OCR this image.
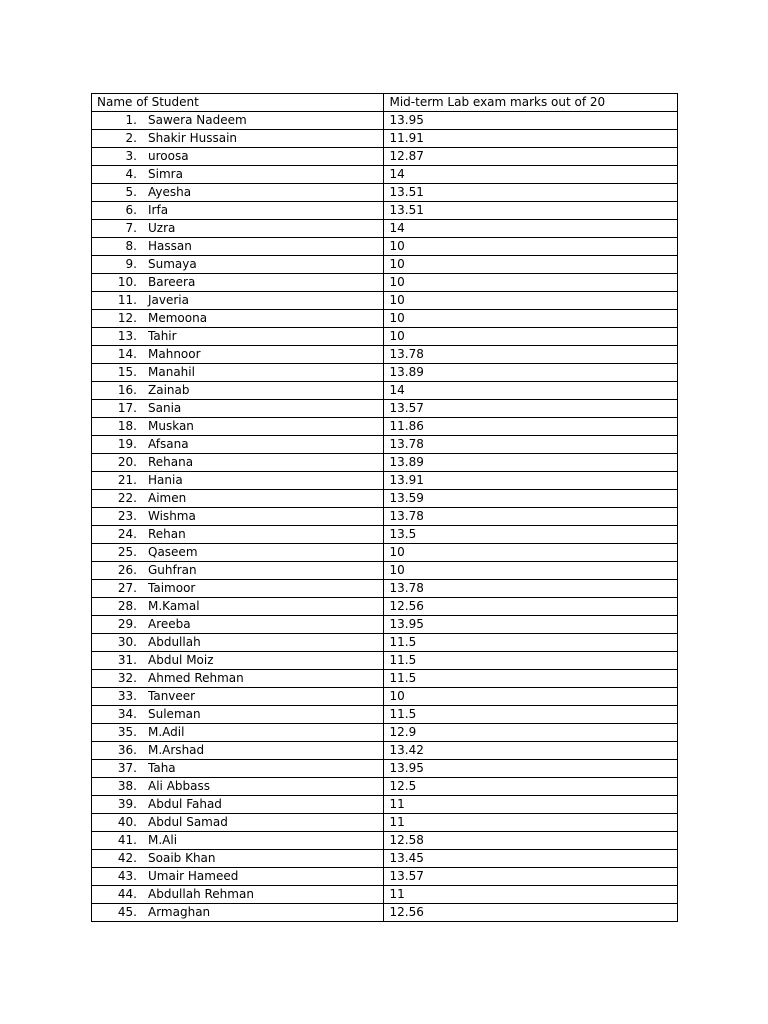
Name of Student	Mid-term Lab exam marks out of 20
1. Sawera Nadeem	13.95
2. Shakir Hussain	11.91
3. uroosa	12.87
4. Simra	14
5. Ayesha	13.51
6. Irfa	13.51
7. Uzra	14
8. Hassan	10
9. Sumaya	10
10. Bareera	10
11. Javeria	10
12. Memoona	10
13. Tahir	10
14. Mahnoor	13.78
15. Manahil	13.89
16. Zainab	14
17. Sania	13.57
18. Muskan	11.86
19. Afsana	13.78
20. Rehana	13.89
21. Hania	13.91
22. Aimen	13.59
23. Wishma	13.78
24. Rehan	13.5
25. Qaseem	10
26. Guhfran	10
27. Taimoor	13.78
28. M.Kamal	12.56
29. Areeba	13.95
30. Abdullah	11.5
31. Abdul Moiz	11.5
32. Ahmed Rehman	11.5
33. Tanveer	10
34. Suleman	11.5
35. M.Adil	12.9
36. M.Arshad	13.42
37. Taha	13.95
38. Ali Abbass	12.5
39. Abdul Fahad	11
40. Abdul Samad	11
41. M.Ali	12.58
42. Soaib Khan	13.45
43. Umair Hameed	13.57
44. Abdullah Rehman	11
45. Armaghan	12.56
